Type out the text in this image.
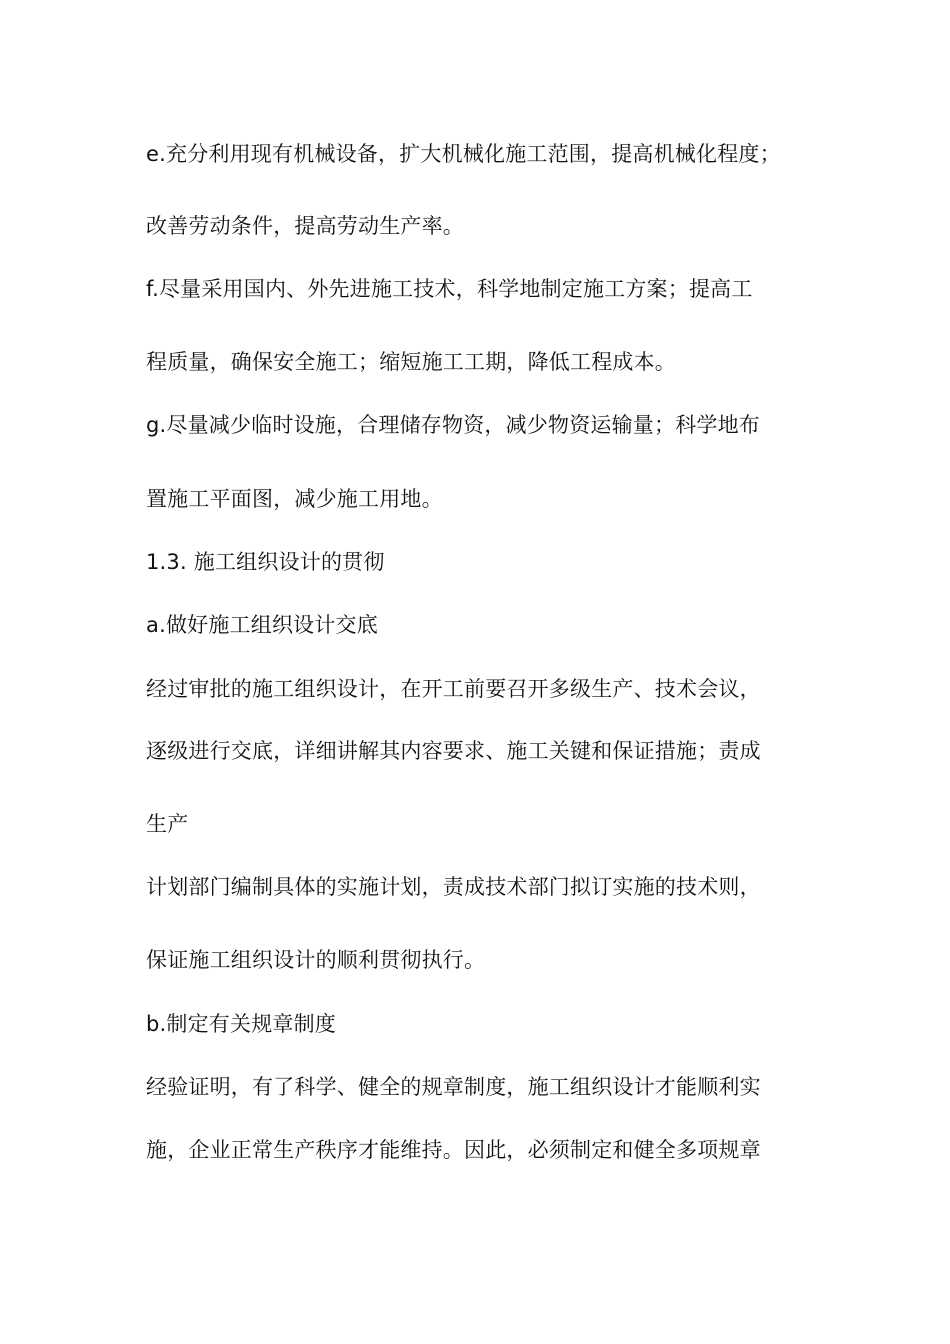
e.充分利用现有机械设备，扩大机械化施工范围，提高机械化程度；
改善劳动条件，提高劳动生产率。
f.尽量采用国内、外先进施工技术，科学地制定施工方案；提高工
程质量，确保安全施工；缩短施工工期，降低工程成本。
g.尽量减少临时设施，合理储存物资，减少物资运输量；科学地布
置施工平面图，减少施工用地。
1.3. 施工组织设计的贯彻
a.做好施工组织设计交底
经过审批的施工组织设计，在开工前要召开多级生产、技术会议，
逐级进行交底，详细讲解其内容要求、施工关键和保证措施；责成
生产
计划部门编制具体的实施计划，责成技术部门拟订实施的技术则，
保证施工组织设计的顺利贯彻执行。
b.制定有关规章制度
经验证明，有了科学、健全的规章制度，施工组织设计才能顺利实
施，企业正常生产秩序才能维持。因此，必须制定和健全多项规章
